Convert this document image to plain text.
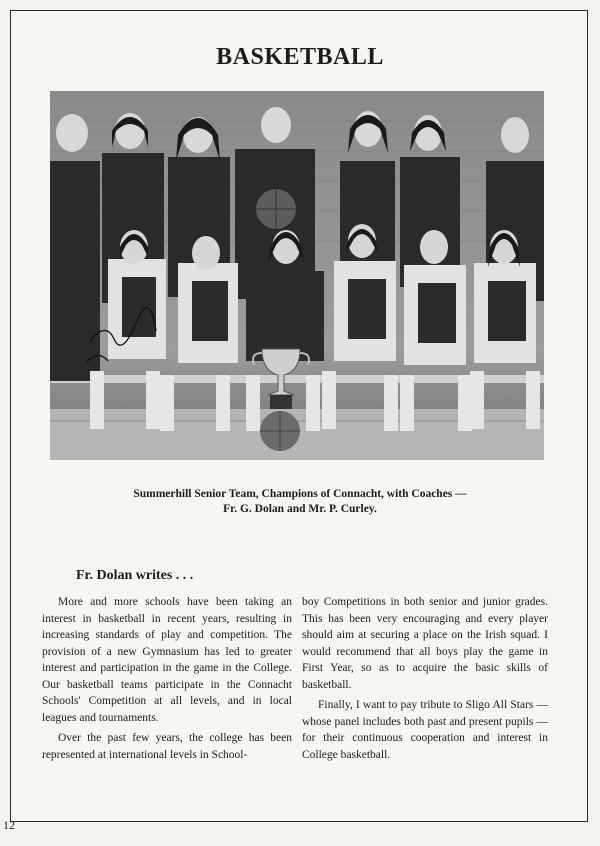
BASKETBALL
Summerhill Senior Team, Champions of Connacht, with Coaches —
Fr. G. Dolan and Mr. P. Curley.
Fr. Dolan writes . . .

More and more schools have been taking an interest in basketball in recent years, resulting in increasing standards of play and competition. The provision of a new Gymnasium has led to greater interest and participation in the game in the College. Our basketball teams participate in the Connacht Schools' Competition at all levels, and in local leagues and tournaments.

Over the past few years, the college has been represented at international levels in School-

boy Competitions in both senior and junior grades. This has been very encouraging and every player should aim at securing a place on the Irish squad. I would recommend that all boys play the game in First Year, so as to acquire the basic skills of basketball.

Finally, I want to pay tribute to Sligo All Stars — whose panel includes both past and present pupils — for their continuous cooperation and interest in College basketball.

12
